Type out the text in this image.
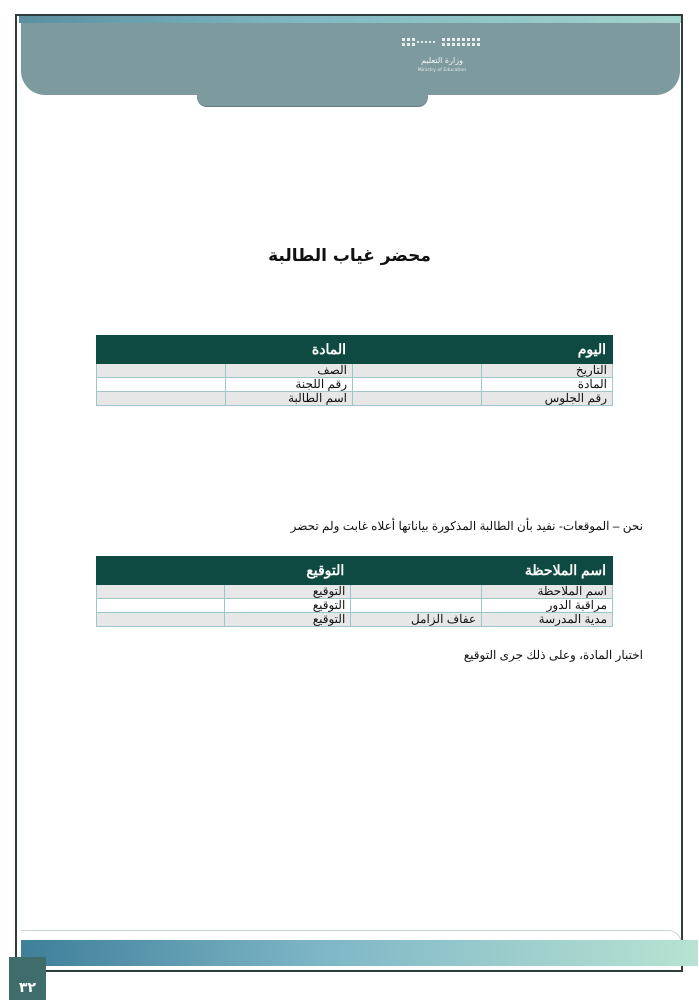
وزارة التعليم
Ministry of Education
محضر غياب الطالبة
اليوم		المادة	
التاريخ		الصف	
المادة		رقم اللجنة	
رقم الجلوس		اسم الطالبة	
نحن – الموقعات- نفيد بأن الطالبة المذكورة بياناتها أعلاه غابت ولم تحضر
اسم الملاحظة		التوقيع	
اسم الملاحظة		التوقيع	
مراقبة الدور		التوقيع	
مدية المدرسة	عفاف الزامل	التوقيع	
اختبار المادة، وعلى ذلك جرى التوقيع
٣٢
